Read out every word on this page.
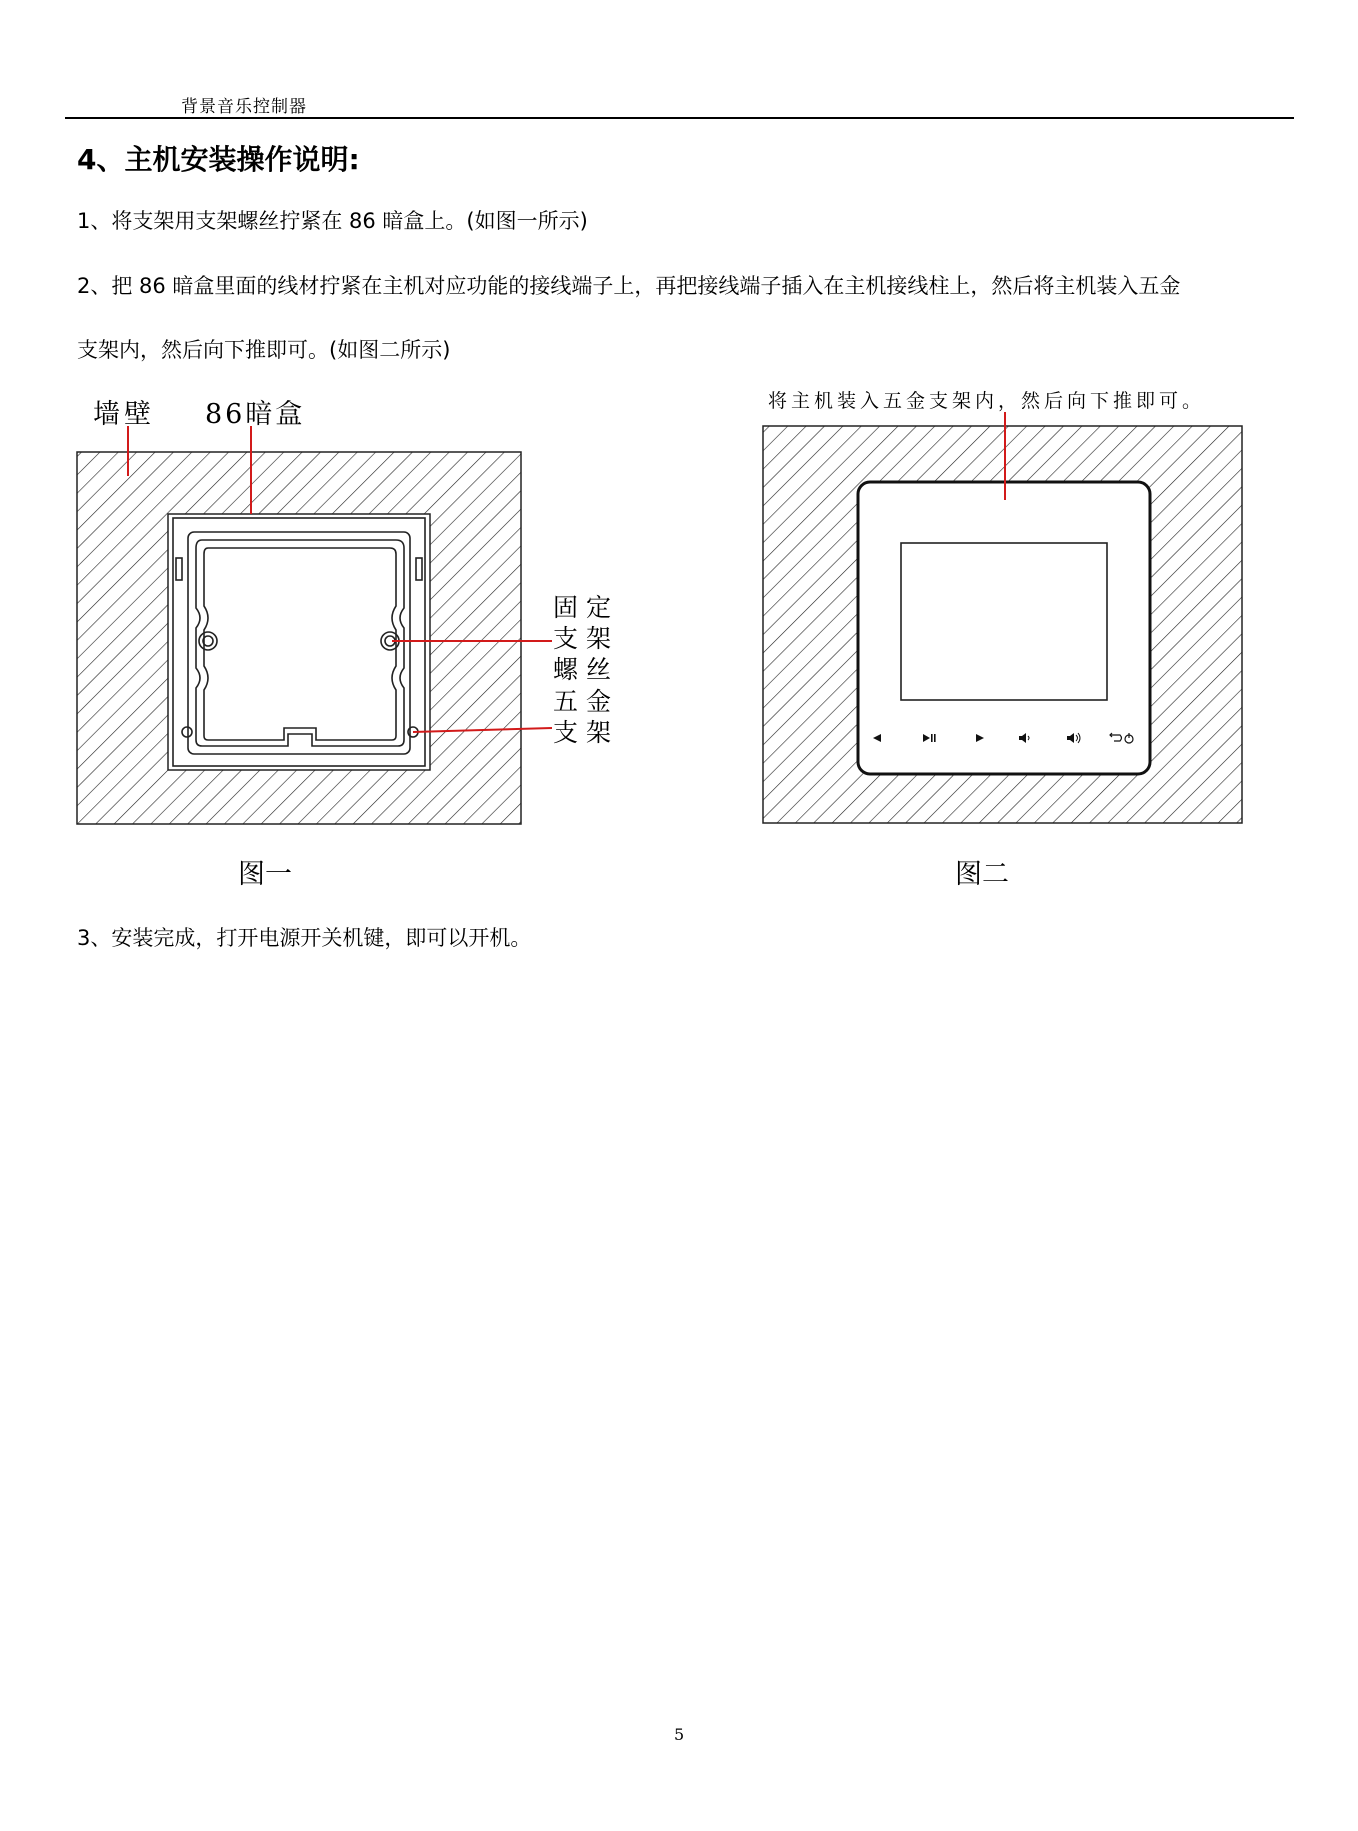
背景音乐控制器
4、主机安装操作说明:
1、将支架用支架螺丝拧紧在 86 暗盒上。(如图一所示)
2、把 86 暗盒里面的线材拧紧在主机对应功能的接线端子上，再把接线端子插入在主机接线柱上，然后将主机装入五金
支架内，然后向下推即可。(如图二所示)
墙壁 86暗盒
固定支架螺丝
五金支架
将主机装入五金支架内，然后向下推即可。
图一	图二
3、安装完成，打开电源开关机键，即可以开机。
5
